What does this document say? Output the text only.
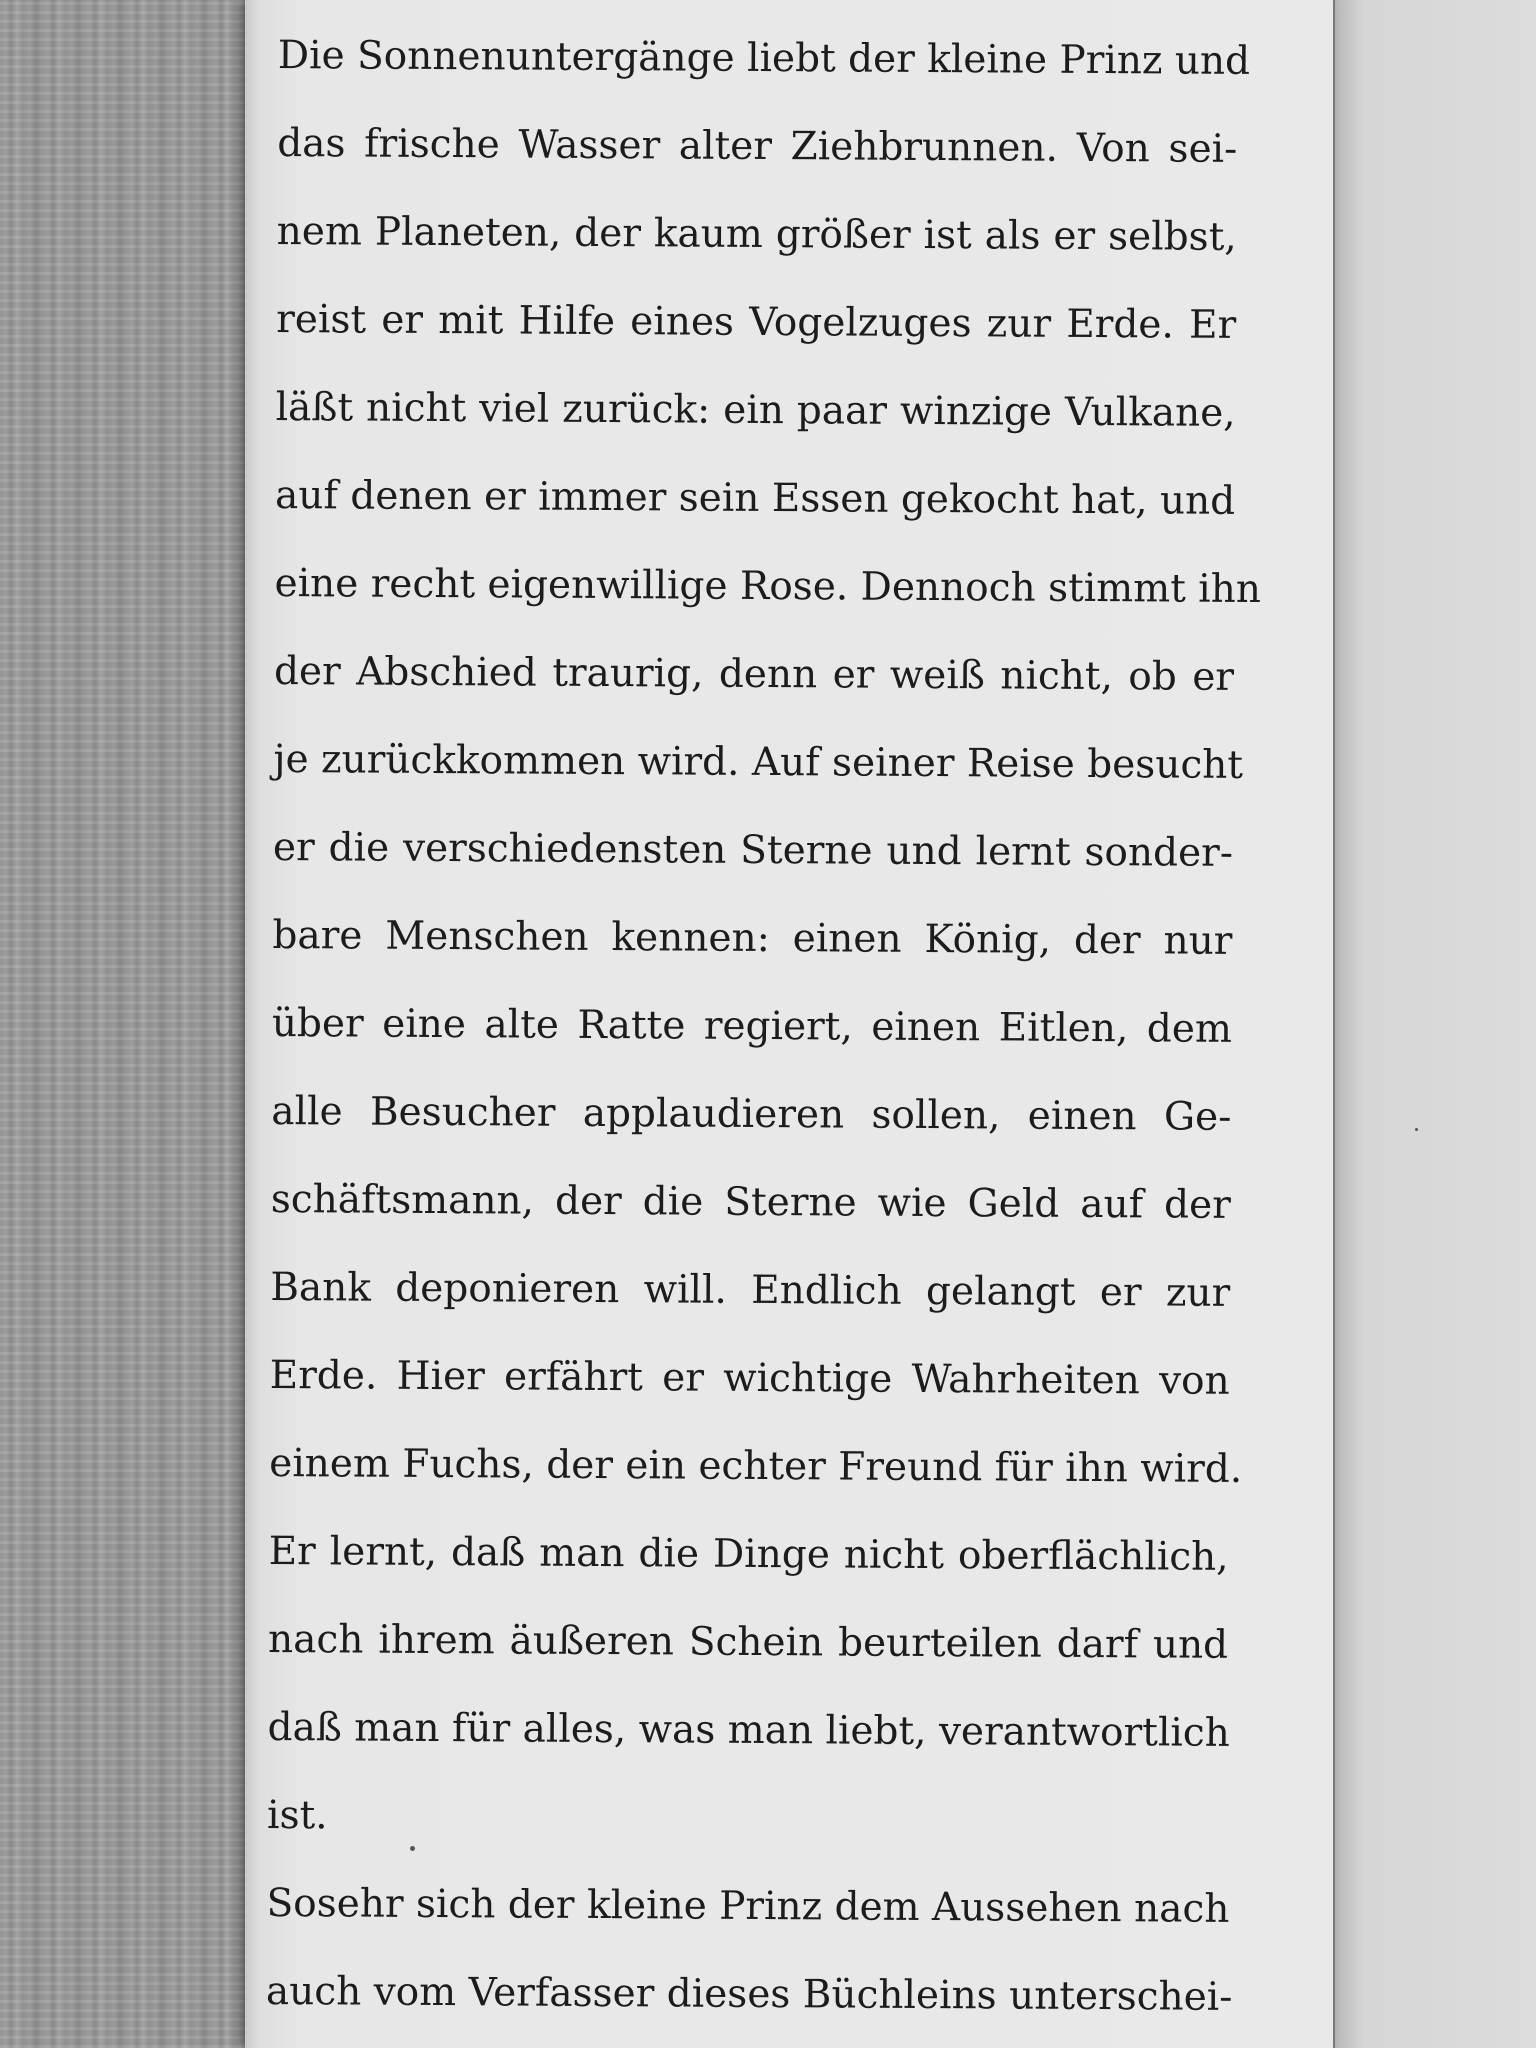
Die Sonnenuntergänge liebt der kleine Prinz und
das frische Wasser alter Ziehbrunnen. Von sei-
nem Planeten, der kaum größer ist als er selbst,
reist er mit Hilfe eines Vogelzuges zur Erde. Er
läßt nicht viel zurück: ein paar winzige Vulkane,
auf denen er immer sein Essen gekocht hat, und
eine recht eigenwillige Rose. Dennoch stimmt ihn
der Abschied traurig, denn er weiß nicht, ob er
je zurückkommen wird. Auf seiner Reise besucht
er die verschiedensten Sterne und lernt sonder-
bare Menschen kennen: einen König, der nur
über eine alte Ratte regiert, einen Eitlen, dem
alle Besucher applaudieren sollen, einen Ge-
schäftsmann, der die Sterne wie Geld auf der
Bank deponieren will. Endlich gelangt er zur
Erde. Hier erfährt er wichtige Wahrheiten von
einem Fuchs, der ein echter Freund für ihn wird.
Er lernt, daß man die Dinge nicht oberflächlich,
nach ihrem äußeren Schein beurteilen darf und
daß man für alles, was man liebt, verantwortlich
ist.
Sosehr sich der kleine Prinz dem Aussehen nach
auch vom Verfasser dieses Büchleins unterschei-
